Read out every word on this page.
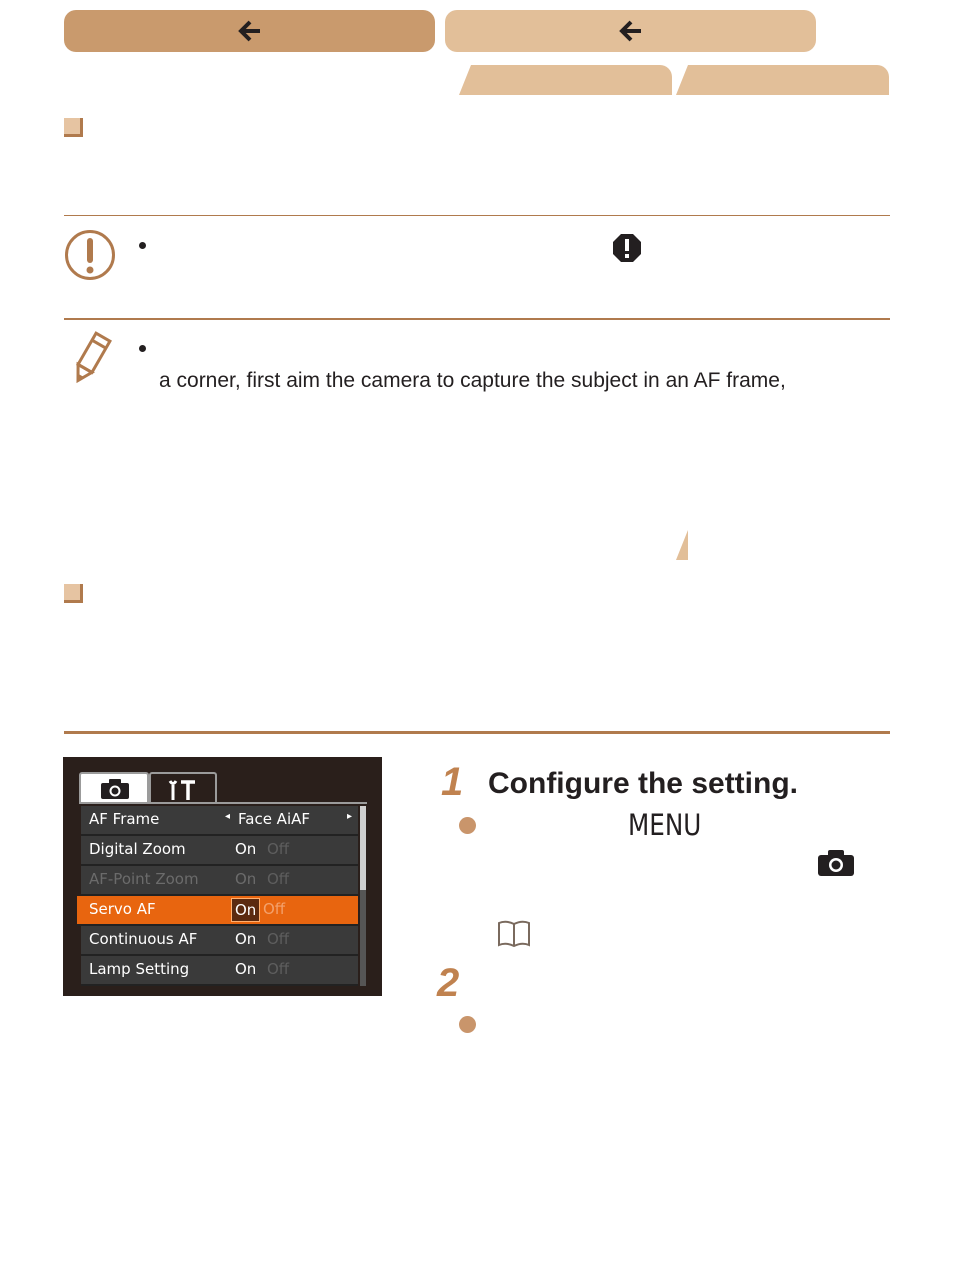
a corner, first aim the camera to capture the subject in an AF frame,
AF Frame	◂ Face AiAF	▸
Digital Zoom	On Off
AF-Point Zoom On Off
Servo AF	On Off
Continuous AF	On Off
Lamp Setting	On Off
1 Configure the setting.
MENU
2
